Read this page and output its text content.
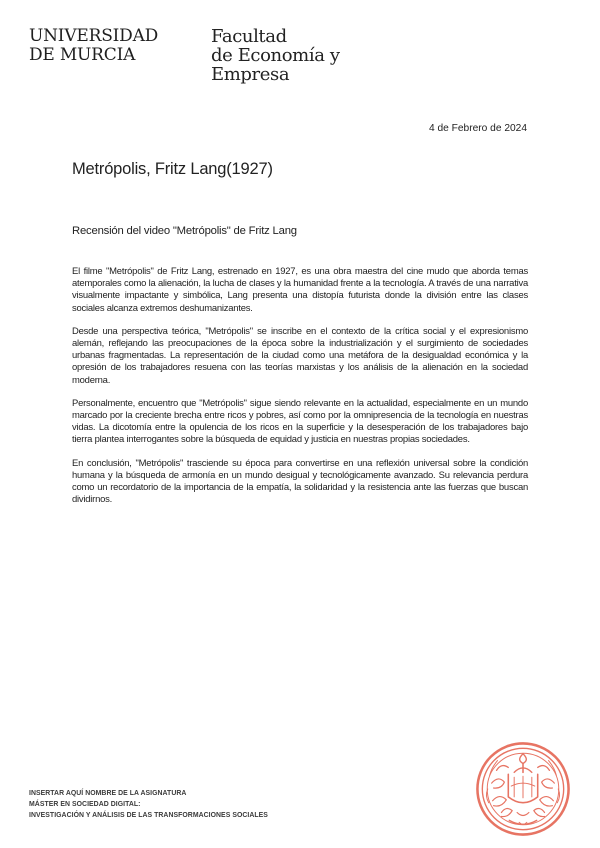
UNIVERSIDAD
DE MURCIA
Facultad
de Economía y
Empresa
4 de Febrero de 2024
Metrópolis, Fritz Lang(1927)
Recensión del video "Metrópolis" de Fritz Lang

El filme "Metrópolis" de Fritz Lang, estrenado en 1927, es una obra maestra del cine mudo que aborda temas atemporales como la alienación, la lucha de clases y la humanidad frente a la tecnología. A través de una narrativa visualmente impactante y simbólica, Lang presenta una distopía futurista donde la división entre las clases sociales alcanza extremos deshumanizantes.

Desde una perspectiva teórica, "Metrópolis" se inscribe en el contexto de la crítica social y el expresionismo alemán, reflejando las preocupaciones de la época sobre la industrialización y el surgimiento de sociedades urbanas fragmentadas. La representación de la ciudad como una metáfora de la desigualdad económica y la opresión de los trabajadores resuena con las teorías marxistas y los análisis de la alienación en la sociedad moderna.

Personalmente, encuentro que "Metrópolis" sigue siendo relevante en la actualidad, especialmente en un mundo marcado por la creciente brecha entre ricos y pobres, así como por la omnipresencia de la tecnología en nuestras vidas. La dicotomía entre la opulencia de los ricos en la superficie y la desesperación de los trabajadores bajo tierra plantea interrogantes sobre la búsqueda de equidad y justicia en nuestras propias sociedades.

En conclusión, "Metrópolis" trasciende su época para convertirse en una reflexión universal sobre la condición humana y la búsqueda de armonía en un mundo desigual y tecnológicamente avanzado. Su relevancia perdura como un recordatorio de la importancia de la empatía, la solidaridad y la resistencia ante las fuerzas que buscan dividirnos.

INSERTAR AQUÍ NOMBRE DE LA ASIGNATURA
MÁSTER EN SOCIEDAD DIGITAL:
INVESTIGACIÓN Y ANÁLISIS DE LAS TRANSFORMACIONES SOCIALES
